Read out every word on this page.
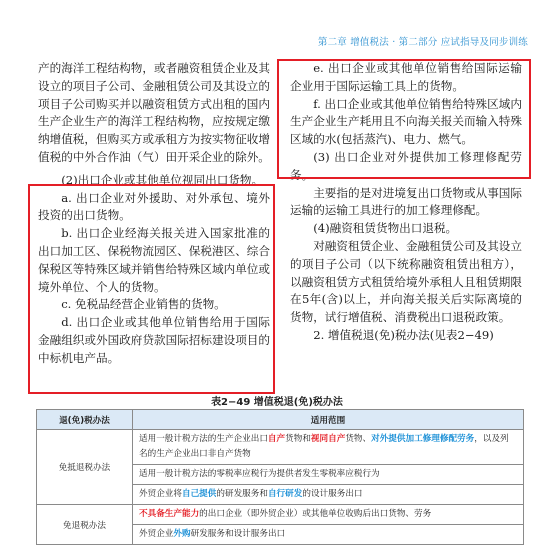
第二章 增值税法 · 第二部分 应试指导及同步训练

产的海洋工程结构物，或者融资租赁企业及其设立的项目子公司、金融租赁公司及其设立的项目子公司购买并以融资租赁方式出租的国内生产企业生产的海洋工程结构物，应按规定缴纳增值税，但购买方或承租方为按实物征收增值税的中外合作油（气）田开采企业的除外。

(2)出口企业或其他单位视同出口货物。

a. 出口企业对外援助、对外承包、境外投资的出口货物。

b. 出口企业经海关报关进入国家批准的出口加工区、保税物流园区、保税港区、综合保税区等特殊区域并销售给特殊区域内单位或境外单位、个人的货物。

c. 免税品经营企业销售的货物。

d. 出口企业或其他单位销售给用于国际金融组织或外国政府贷款国际招标建设项目的中标机电产品。

e. 出口企业或其他单位销售给国际运输企业用于国际运输工具上的货物。

f. 出口企业或其他单位销售给特殊区域内生产企业生产耗用且不向海关报关而输入特殊区域的水(包括蒸汽)、电力、燃气。

(3) 出口企业对外提供加工修理修配劳务。

主要指的是对进境复出口货物或从事国际运输的运输工具进行的加工修理修配。

(4)融资租赁货物出口退税。

对融资租赁企业、金融租赁公司及其设立的项目子公司（以下统称融资租赁出租方），以融资租赁方式租赁给境外承租人且租赁期限在5年(含)以上，并向海关报关后实际离境的货物，试行增值税、消费税出口退税政策。

2. 增值税退(免)税办法(见表2−49)

表2−49 增值税退(免)税办法
退(免)税办法	适用范围
免抵退税办法	适用一般计税方法的生产企业出口自产货物和视同自产货物、对外提供加工修理修配劳务，以及列名的生产企业出口非自产货物
	适用一般计税方法的零税率应税行为提供者发生零税率应税行为
	外贸企业将自己提供的研发服务和自行研发的设计服务出口
免退税办法	不具备生产能力的出口企业（即外贸企业）或其他单位收购后出口货物、劳务
	外贸企业外购研发服务和设计服务出口
